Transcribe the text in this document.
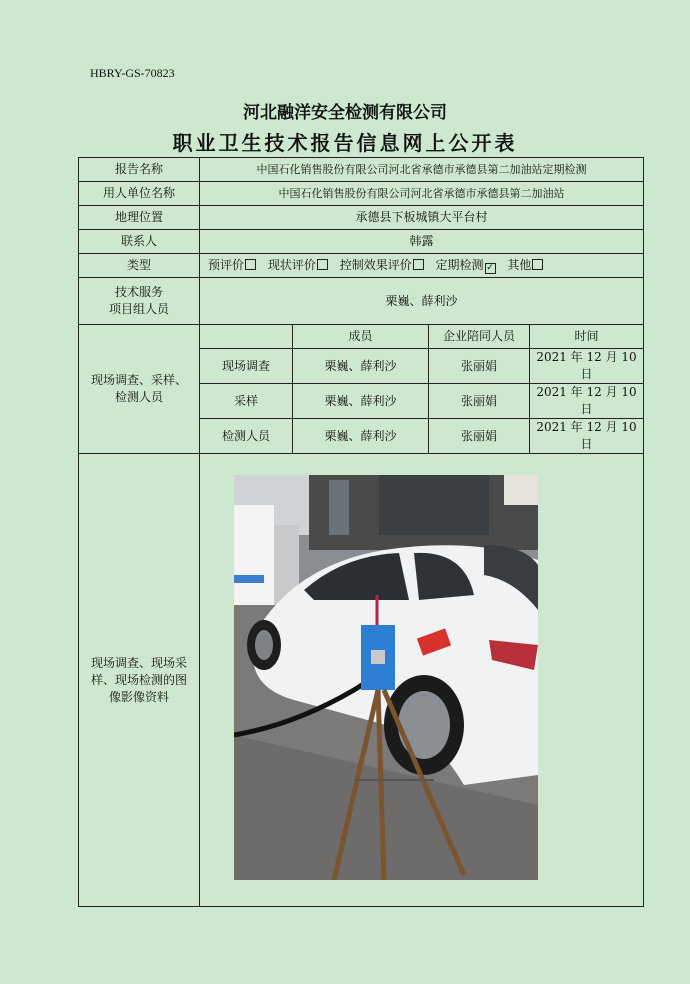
HBRY-GS-70823
河北融洋安全检测有限公司
职业卫生技术报告信息网上公开表
报告名称	中国石化销售股份有限公司河北省承德市承德县第二加油站定期检测			
用人单位名称	中国石化销售股份有限公司河北省承德市承德县第二加油站			
地理位置	承德县下板城镇大平台村			
联系人	韩露			
类型	预评价 现状评价 控制效果评价 定期检测 ✓ 其他			

技术服务
项目组人员	栗巍、薛利沙			

现场调查、采样、
检测人员		成员	企业陪同人员	时间
	现场调查	栗巍、薛利沙	张丽娟	2021 年 12 月 10 日
	采样	栗巍、薛利沙	张丽娟	2021 年 12 月 10 日
	检测人员	栗巍、薛利沙	张丽娟	2021 年 12 月 10 日

现场调查、现场采
样、现场检测的图
像影像资料
